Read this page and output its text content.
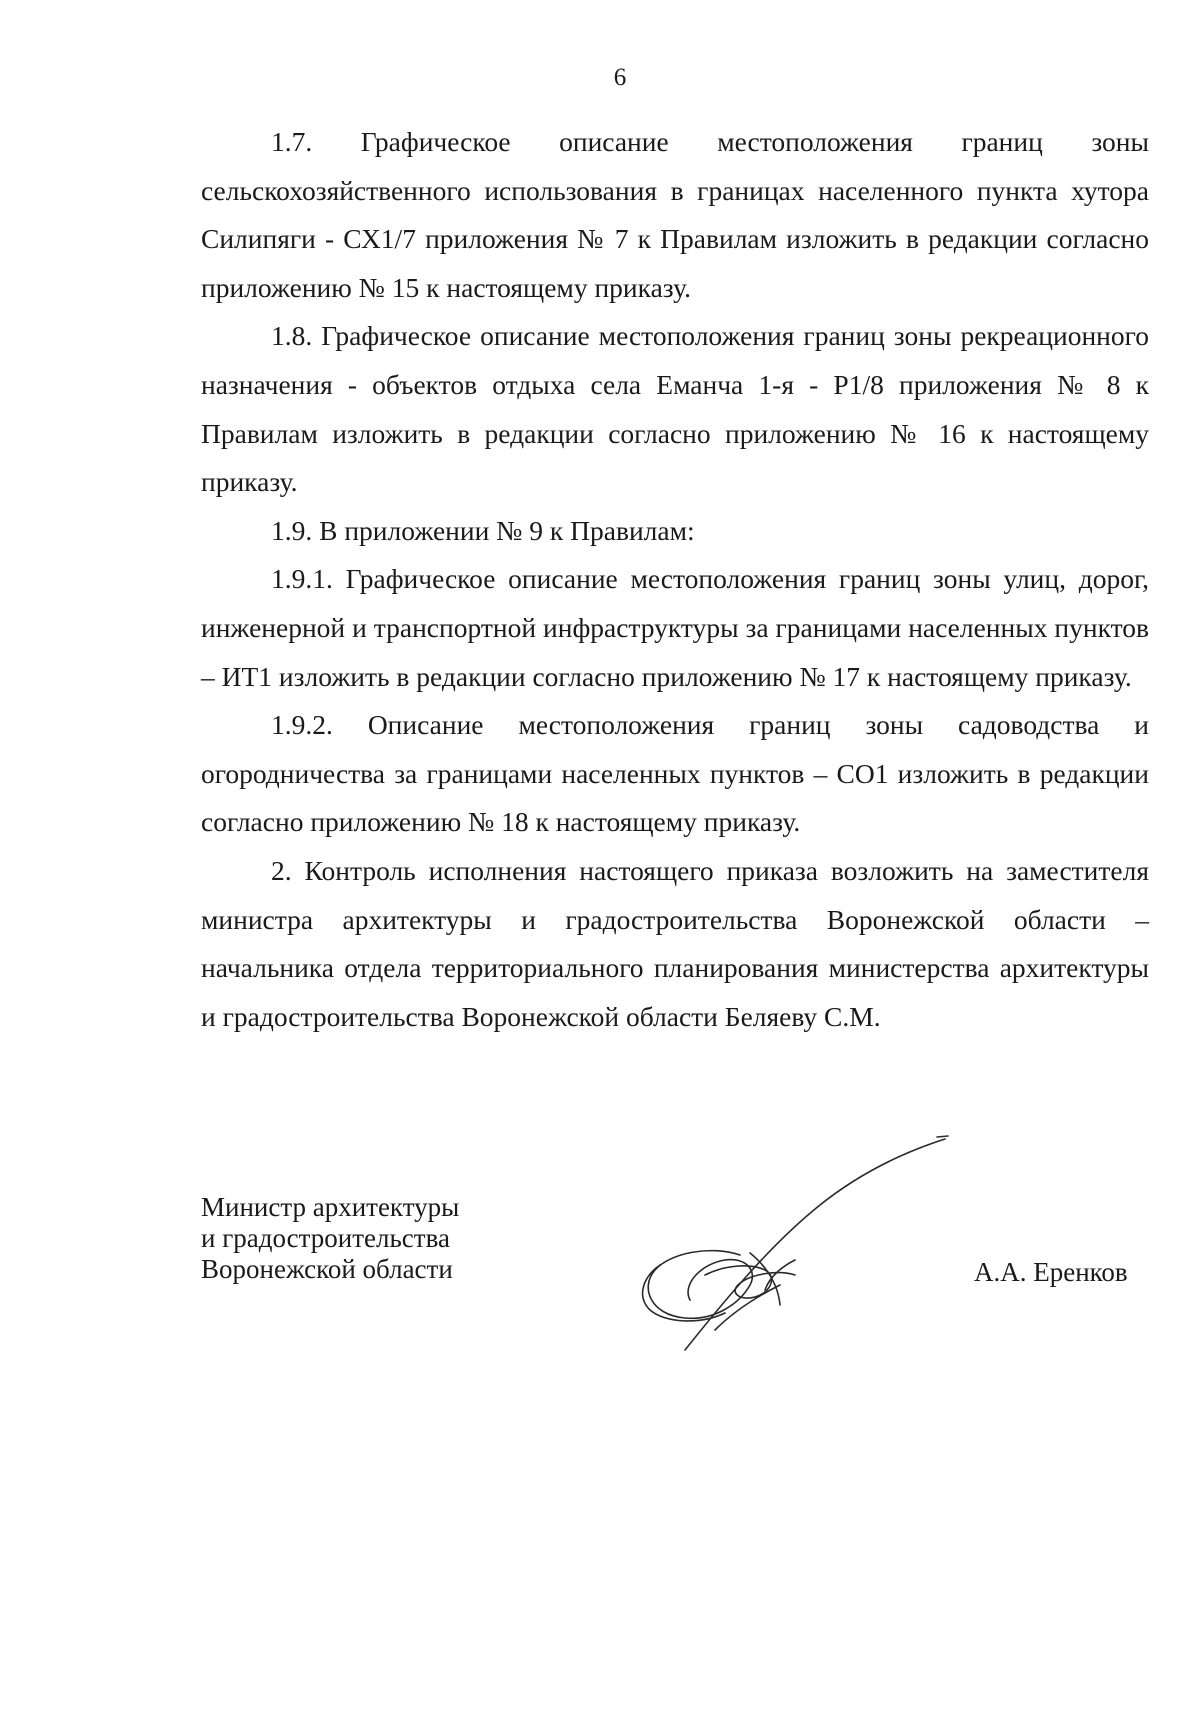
6

1.7. Графическое описание местоположения границ зоны сельскохозяйственного использования в границах населенного пункта хутора Силипяги - СХ1/7 приложения № 7 к Правилам изложить в редакции согласно приложению № 15 к настоящему приказу.

1.8. Графическое описание местоположения границ зоны рекреационного назначения - объектов отдыха села Еманча 1-я - Р1/8 приложения № 8 к Правилам изложить в редакции согласно приложению № 16 к настоящему приказу.

1.9. В приложении № 9 к Правилам:

1.9.1. Графическое описание местоположения границ зоны улиц, дорог, инженерной и транспортной инфраструктуры за границами населенных пунктов – ИТ1 изложить в редакции согласно приложению № 17 к настоящему приказу.

1.9.2. Описание местоположения границ зоны садоводства и огородничества за границами населенных пунктов – СО1 изложить в редакции согласно приложению № 18 к настоящему приказу.

2. Контроль исполнения настоящего приказа возложить на заместителя министра архитектуры и градостроительства Воронежской области – начальника отдела территориального планирования министерства архитектуры и градостроительства Воронежской области Беляеву С.М.

Министр архитектуры
и градостроительства
Воронежской области	А.А. Еренков
